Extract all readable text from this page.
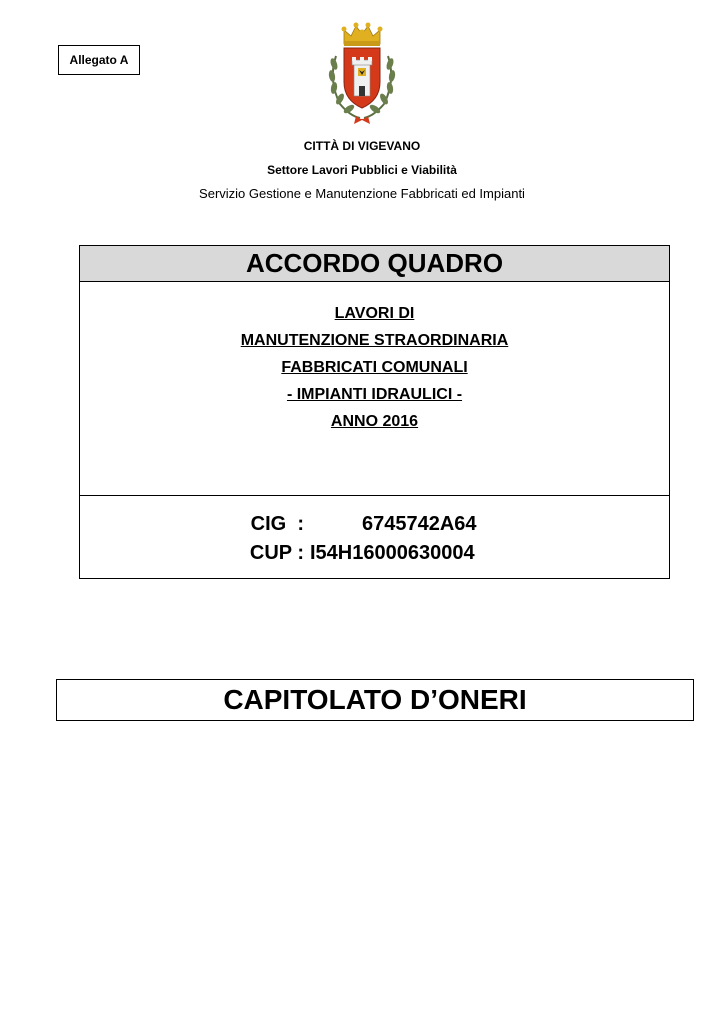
Allegato A
CITTÀ DI VIGEVANO
Settore Lavori Pubblici e Viabilità
Servizio Gestione e Manutenzione Fabbricati ed Impianti
ACCORDO QUADRO
LAVORI DI
MANUTENZIONE STRAORDINARIA
FABBRICATI COMUNALI
- IMPIANTI IDRAULICI -
ANNO 2016
CIG  :	6745742A64
CUP : I54H16000630004
CAPITOLATO D’ONERI
